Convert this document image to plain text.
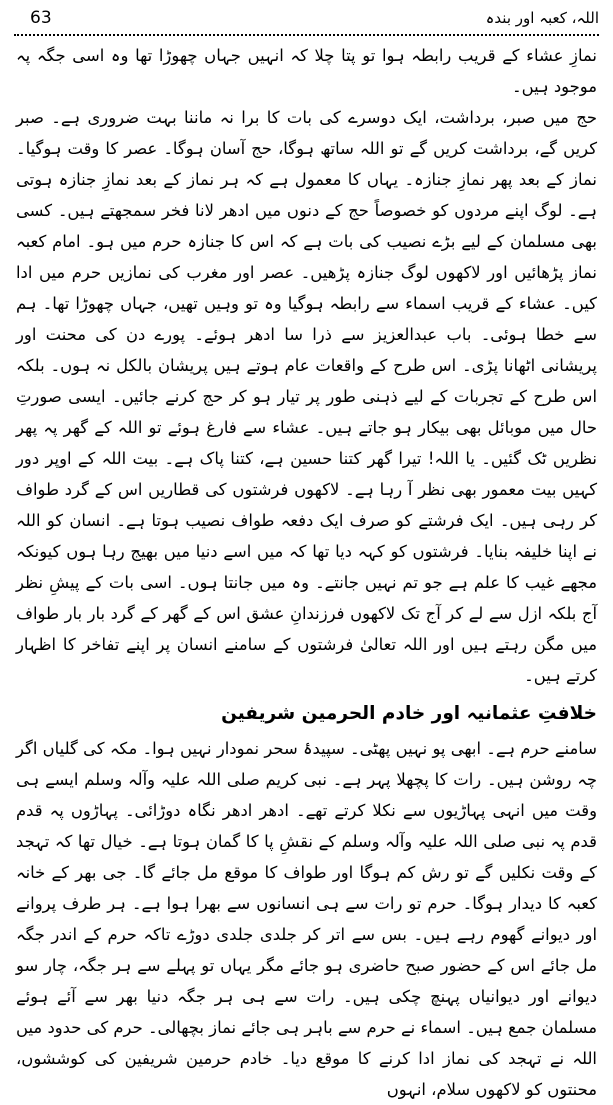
63	اللہ، کعبہ اور بندہ

نمازِ عشاء کے قریب رابطہ ہوا تو پتا چلا کہ انہیں جہاں چھوڑا تھا وہ اسی جگہ پہ موجود ہیں۔

حج میں صبر، برداشت، ایک دوسرے کی بات کا برا نہ ماننا بہت ضروری ہے۔ صبر کریں گے، برداشت کریں گے تو اللہ ساتھ ہوگا، حج آسان ہوگا۔ عصر کا وقت ہوگیا۔ نماز کے بعد پھر نمازِ جنازہ۔ یہاں کا معمول ہے کہ ہر نماز کے بعد نمازِ جنازہ ہوتی ہے۔ لوگ اپنے مردوں کو خصوصاً حج کے دنوں میں ادھر لانا فخر سمجھتے ہیں۔ کسی بھی مسلمان کے لیے بڑے نصیب کی بات ہے کہ اس کا جنازہ حرم میں ہو۔ امام کعبہ نماز پڑھائیں اور لاکھوں لوگ جنازہ پڑھیں۔ عصر اور مغرب کی نمازیں حرم میں ادا کیں۔ عشاء کے قریب اسماء سے رابطہ ہوگیا وہ تو وہیں تھیں، جہاں چھوڑا تھا۔ ہم سے خطا ہوئی۔ باب عبدالعزیز سے ذرا سا ادھر ہوئے۔ پورے دن کی محنت اور پریشانی اٹھانا پڑی۔ اس طرح کے واقعات عام ہوتے ہیں پریشان بالکل نہ ہوں۔ بلکہ اس طرح کے تجربات کے لیے ذہنی طور پر تیار ہو کر حج کرنے جائیں۔ ایسی صورتِ حال میں موبائل بھی بیکار ہو جاتے ہیں۔ عشاء سے فارغ ہوئے تو اللہ کے گھر پہ پھر نظریں ٹک گئیں۔ یا اللہ! تیرا گھر کتنا حسین ہے، کتنا پاک ہے۔ بیت اللہ کے اوپر دور کہیں بیت معمور بھی نظر آ رہا ہے۔ لاکھوں فرشتوں کی قطاریں اس کے گرد طواف کر رہی ہیں۔ ایک فرشتے کو صرف ایک دفعہ طواف نصیب ہوتا ہے۔ انسان کو اللہ نے اپنا خلیفہ بنایا۔ فرشتوں کو کہہ دیا تھا کہ میں اسے دنیا میں بھیج رہا ہوں کیونکہ مجھے غیب کا علم ہے جو تم نہیں جانتے۔ وہ میں جانتا ہوں۔ اسی بات کے پیشِ نظر آج بلکہ ازل سے لے کر آج تک لاکھوں فرزندانِ عشق اس کے گھر کے گرد بار بار طواف میں مگن رہتے ہیں اور اللہ تعالیٰ فرشتوں کے سامنے انسان پر اپنے تفاخر کا اظہار کرتے ہیں۔

خلافتِ عثمانیہ اور خادم الحرمین شریفین

سامنے حرم ہے۔ ابھی پو نہیں پھٹی۔ سپیدۂ سحر نمودار نہیں ہوا۔ مکہ کی گلیاں اگر چہ روشن ہیں۔ رات کا پچھلا پہر ہے۔ نبی کریم صلی اللہ علیہ وآلہ وسلم ایسے ہی وقت میں انہی پہاڑیوں سے نکلا کرتے تھے۔ ادھر ادھر نگاہ دوڑائی۔ پہاڑوں پہ قدم قدم پہ نبی صلی اللہ علیہ وآلہ وسلم کے نقشِ پا کا گمان ہوتا ہے۔ خیال تھا کہ تہجد کے وقت نکلیں گے تو رش کم ہوگا اور طواف کا موقع مل جائے گا۔ جی بھر کے خانہ کعبہ کا دیدار ہوگا۔ حرم تو رات سے ہی انسانوں سے بھرا ہوا ہے۔ ہر طرف پروانے اور دیوانے گھوم رہے ہیں۔ بس سے اتر کر جلدی جلدی دوڑے تاکہ حرم کے اندر جگہ مل جائے اس کے حضور صبح حاضری ہو جائے مگر یہاں تو پہلے سے ہر جگہ، چار سو دیوانے اور دیوانیاں پہنچ چکی ہیں۔ رات سے ہی ہر جگہ دنیا بھر سے آئے ہوئے مسلمان جمع ہیں۔ اسماء نے حرم سے باہر ہی جائے نماز بچھالی۔ حرم کی حدود میں اللہ نے تہجد کی نماز ادا کرنے کا موقع دیا۔ خادم حرمین شریفین کی کوششوں، محنتوں کو لاکھوں سلام، انہوں
